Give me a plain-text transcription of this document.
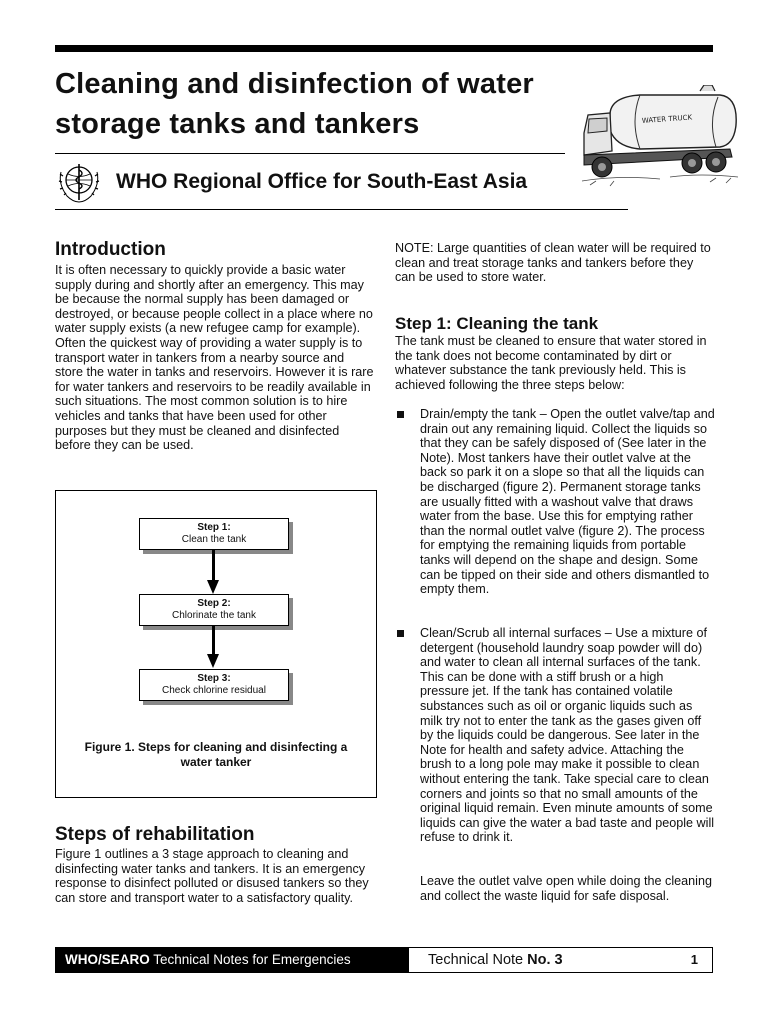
Cleaning and disinfection of water
storage tanks and tankers
WHO Regional Office for South-East Asia
WATER TRUCK
Introduction

It is often necessary to quickly provide a basic water supply during and shortly after an emergency. This may be because the normal supply has been damaged or destroyed, or because people collect in a place where no water supply exists (a new refugee camp for example).

Often the quickest way of providing a water supply is to transport water in tankers from a nearby source and store the water in tanks and reservoirs. However it is rare for water tankers and reservoirs to be readily available in such situations. The most common solution is to hire vehicles and tanks that have been used for other purposes but they must be cleaned and disinfected before they can be used.

Step 1:
Clean the tank
Step 2:
Chlorinate the tank
Step 3:
Check chlorine residual
Figure 1. Steps for cleaning and disinfecting a water tanker
Steps of rehabilitation

Figure 1 outlines a 3 stage approach to cleaning and disinfecting water tanks and tankers. It is an emergency response to disinfect polluted or disused tankers so they can store and transport water to a satisfactory quality.

NOTE: Large quantities of clean water will be required to clean and treat storage tanks and tankers before they can be used to store water.
Step 1: Cleaning the tank
The tank must be cleaned to ensure that water stored in the tank does not become contaminated by dirt or whatever substance the tank previously held. This is achieved following the three steps below:
Drain/empty the tank – Open the outlet valve/tap and drain out any remaining liquid. Collect the liquids so that they can be safely disposed of (See later in the Note). Most tankers have their outlet valve at the back so park it on a slope so that all the liquids can be discharged (figure 2). Permanent storage tanks are usually fitted with a washout valve that draws water from the base. Use this for emptying rather than the normal outlet valve (figure 2). The process for emptying the remaining liquids from portable tanks will depend on the shape and design. Some can be tipped on their side and others dismantled to empty them.
Clean/Scrub all internal surfaces – Use a mixture of detergent (household laundry soap powder will do) and water to clean all internal surfaces of the tank. This can be done with a stiff brush or a high pressure jet. If the tank has contained volatile substances such as oil or organic liquids such as milk try not to enter the tank as the gases given off by the liquids could be dangerous. See later in the Note for health and safety advice. Attaching the brush to a long pole may make it possible to clean without entering the tank. Take special care to clean corners and joints so that no small amounts of the original liquid remain. Even minute amounts of some liquids can give the water a bad taste and people will refuse to drink it.
Leave the outlet valve open while doing the cleaning and collect the waste liquid for safe disposal.
WHO/SEARO Technical Notes for Emergencies	Technical Note No. 3	1
